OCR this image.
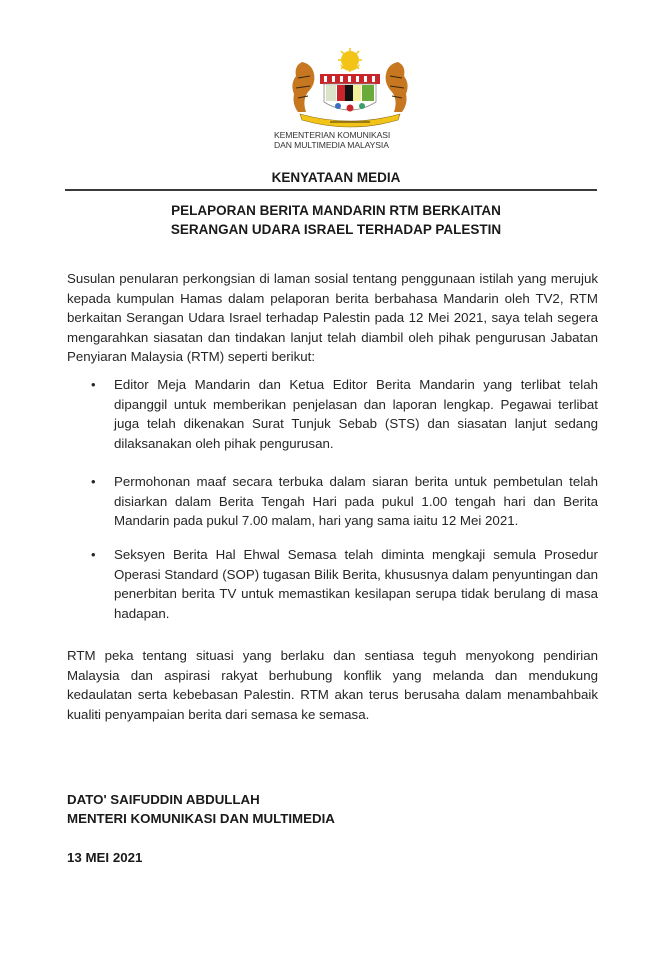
KEMENTERIAN KOMUNIKASI
DAN MULTIMEDIA MALAYSIA
KENYATAAN MEDIA
PELAPORAN BERITA MANDARIN RTM BERKAITAN
SERANGAN UDARA ISRAEL TERHADAP PALESTIN

Susulan penularan perkongsian di laman sosial tentang penggunaan istilah yang merujuk kepada kumpulan Hamas dalam pelaporan berita berbahasa Mandarin oleh TV2, RTM berkaitan Serangan Udara Israel terhadap Palestin pada 12 Mei 2021, saya telah segera mengarahkan siasatan dan tindakan lanjut telah diambil oleh pihak pengurusan Jabatan Penyiaran Malaysia (RTM) seperti berikut:

• Editor Meja Mandarin dan Ketua Editor Berita Mandarin yang terlibat telah dipanggil untuk memberikan penjelasan dan laporan lengkap. Pegawai terlibat juga telah dikenakan Surat Tunjuk Sebab (STS) dan siasatan lanjut sedang dilaksanakan oleh pihak pengurusan.
• Permohonan maaf secara terbuka dalam siaran berita untuk pembetulan telah disiarkan dalam Berita Tengah Hari pada pukul 1.00 tengah hari dan Berita Mandarin pada pukul 7.00 malam, hari yang sama iaitu 12 Mei 2021.
• Seksyen Berita Hal Ehwal Semasa telah diminta mengkaji semula Prosedur Operasi Standard (SOP) tugasan Bilik Berita, khususnya dalam penyuntingan dan penerbitan berita TV untuk memastikan kesilapan serupa tidak berulang di masa hadapan.

RTM peka tentang situasi yang berlaku dan sentiasa teguh menyokong pendirian Malaysia dan aspirasi rakyat berhubung konflik yang melanda dan mendukung kedaulatan serta kebebasan Palestin. RTM akan terus berusaha dalam menambahbaik kualiti penyampaian berita dari semasa ke semasa.

DATO' SAIFUDDIN ABDULLAH
MENTERI KOMUNIKASI DAN MULTIMEDIA
13 MEI 2021
